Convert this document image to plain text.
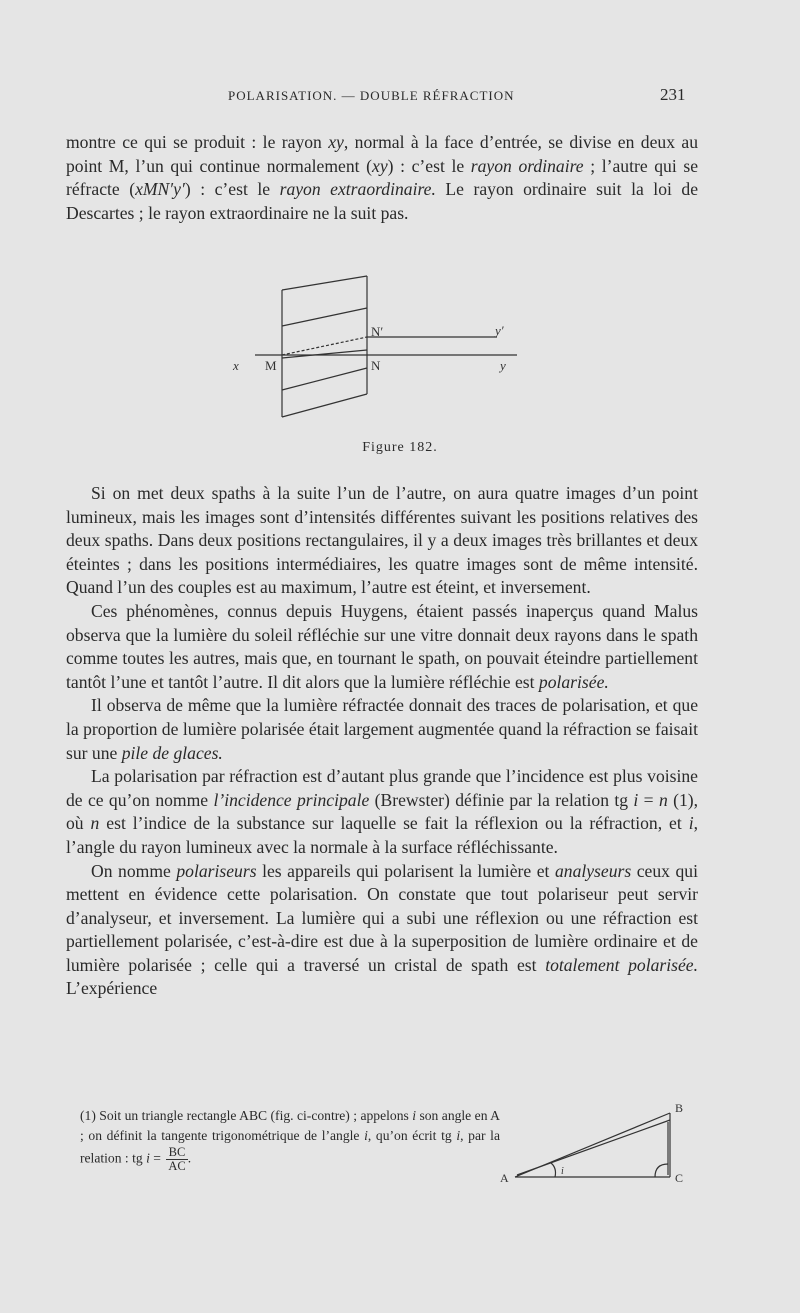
POLARISATION. — DOUBLE RÉFRACTION	231

montre ce qui se produit : le rayon xy, normal à la face d’entrée, se divise en deux au point M, l’un qui continue normalement (xy) : c’est le rayon ordinaire ; l’autre qui se réfracte (xMN′y′) : c’est le rayon extraordinaire. Le rayon ordinaire suit la loi de Descartes ; le rayon extraordinaire ne la suit pas.

x M	N
N′
y
y′
Figure 182.

Si on met deux spaths à la suite l’un de l’autre, on aura quatre images d’un point lumineux, mais les images sont d’intensités différentes suivant les positions relatives des deux spaths. Dans deux positions rectangulaires, il y a deux images très brillantes et deux éteintes ; dans les positions intermédiaires, les quatre images sont de même intensité. Quand l’un des couples est au maximum, l’autre est éteint, et inversement.

Ces phénomènes, connus depuis Huygens, étaient passés inaperçus quand Malus observa que la lumière du soleil réfléchie sur une vitre donnait deux rayons dans le spath comme toutes les autres, mais que, en tournant le spath, on pouvait éteindre partiellement tantôt l’une et tantôt l’autre. Il dit alors que la lumière réfléchie est polarisée.

Il observa de même que la lumière réfractée donnait des traces de polarisation, et que la proportion de lumière polarisée était largement augmentée quand la réfraction se faisait sur une pile de glaces.

La polarisation par réfraction est d’autant plus grande que l’incidence est plus voisine de ce qu’on nomme l’incidence principale (Brewster) définie par la relation tg i = n (1), où n est l’indice de la substance sur laquelle se fait la réflexion ou la réfraction, et i, l’angle du rayon lumineux avec la normale à la surface réfléchissante.

On nomme polariseurs les appareils qui polarisent la lumière et analyseurs ceux qui mettent en évidence cette polarisation. On constate que tout polariseur peut servir d’analyseur, et inversement. La lumière qui a subi une réflexion ou une réfraction est partiellement polarisée, c’est-à-dire est due à la superposition de lumière ordinaire et de lumière polarisée ; celle qui a traversé un cristal de spath est totalement polarisée. L’expérience

(1) Soit un triangle rectangle ABC (fig. ci-contre) ; appelons i son angle en A ; on définit la tangente trigonométrique de l’angle i, qu’on écrit tg i, par la relation : tg $i = \frac{BC}{AC}$ .

A
B
C
i
